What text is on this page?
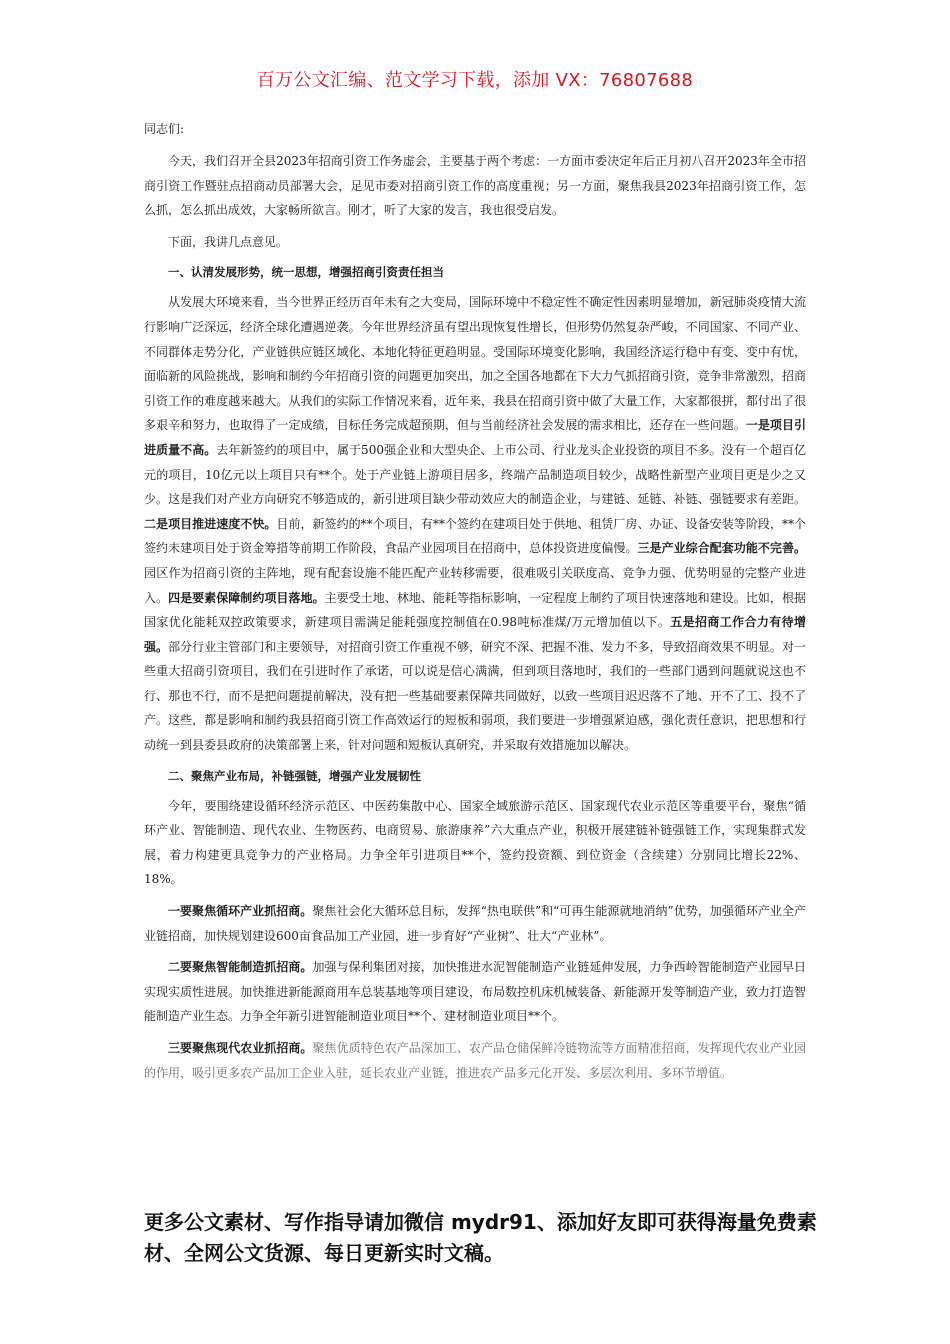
百万公文汇编、范文学习下载，添加 VX：76807688

同志们:

今天，我们召开全县2023年招商引资工作务虚会，主要基于两个考虑：一方面市委决定年后正月初八召开2023年全市招商引资工作暨驻点招商动员部署大会，足见市委对招商引资工作的高度重视；另一方面，聚焦我县2023年招商引资工作，怎么抓，怎么抓出成效，大家畅所欲言。刚才，听了大家的发言，我也很受启发。

下面，我讲几点意见。

一、认清发展形势，统一思想，增强招商引资责任担当

从发展大环境来看，当今世界正经历百年未有之大变局，国际环境中不稳定性不确定性因素明显增加，新冠肺炎疫情大流行影响广泛深远，经济全球化遭遇逆袭。今年世界经济虽有望出现恢复性增长，但形势仍然复杂严峻，不同国家、不同产业、不同群体走势分化，产业链供应链区域化、本地化特征更趋明显。受国际环境变化影响，我国经济运行稳中有变、变中有忧，面临新的风险挑战，影响和制约今年招商引资的问题更加突出，加之全国各地都在下大力气抓招商引资，竞争非常激烈，招商引资工作的难度越来越大。从我们的实际工作情况来看，近年来，我县在招商引资中做了大量工作，大家都很拼，都付出了很多艰辛和努力，也取得了一定成绩，目标任务完成超预期，但与当前经济社会发展的需求相比，还存在一些问题。一是项目引进质量不高。去年新签约的项目中，属于500强企业和大型央企、上市公司、行业龙头企业投资的项目不多。没有一个超百亿元的项目，10亿元以上项目只有**个。处于产业链上游项目居多，终端产品制造项目较少，战略性新型产业项目更是少之又少。这是我们对产业方向研究不够造成的，新引进项目缺少带动效应大的制造企业，与建链、延链、补链、强链要求有差距。二是项目推进速度不快。目前，新签约的**个项目，有**个签约在建项目处于供地、租赁厂房、办证、设备安装等阶段，**个签约未建项目处于资金筹措等前期工作阶段，食品产业园项目在招商中，总体投资进度偏慢。三是产业综合配套功能不完善。园区作为招商引资的主阵地，现有配套设施不能匹配产业转移需要，很难吸引关联度高、竞争力强、优势明显的完整产业进入。四是要素保障制约项目落地。主要受土地、林地、能耗等指标影响，一定程度上制约了项目快速落地和建设。比如，根据国家优化能耗双控政策要求，新建项目需满足能耗强度控制值在0.98吨标准煤/万元增加值以下。五是招商工作合力有待增强。部分行业主管部门和主要领导，对招商引资工作重视不够，研究不深、把握不准、发力不多，导致招商效果不明显。对一些重大招商引资项目，我们在引进时作了承诺，可以说是信心满满，但到项目落地时，我们的一些部门遇到问题就说这也不行、那也不行，而不是把问题提前解决，没有把一些基础要素保障共同做好，以致一些项目迟迟落不了地、开不了工、投不了产。这些，都是影响和制约我县招商引资工作高效运行的短板和弱项，我们要进一步增强紧迫感，强化责任意识，把思想和行动统一到县委县政府的决策部署上来，针对问题和短板认真研究，并采取有效措施加以解决。

二、聚焦产业布局，补链强链，增强产业发展韧性

今年，要围绕建设循环经济示范区、中医药集散中心、国家全域旅游示范区、国家现代农业示范区等重要平台，聚焦“循环产业、智能制造、现代农业、生物医药、电商贸易、旅游康养”六大重点产业，积极开展建链补链强链工作，实现集群式发展，着力构建更具竞争力的产业格局。力争全年引进项目**个，签约投资额、到位资金（含续建）分别同比增长22%、18%。

一要聚焦循环产业抓招商。聚焦社会化大循环总目标，发挥“热电联供”和“可再生能源就地消纳”优势，加强循环产业全产业链招商，加快规划建设600亩食品加工产业园，进一步育好“产业树”、壮大“产业林”。

二要聚焦智能制造抓招商。加强与保利集团对接，加快推进水泥智能制造产业链延伸发展，力争西岭智能制造产业园早日实现实质性进展。加快推进新能源商用车总装基地等项目建设，布局数控机床机械装备、新能源开发等制造产业，致力打造智能制造产业生态。力争全年新引进智能制造业项目**个、建材制造业项目**个。

三要聚焦现代农业抓招商。聚焦优质特色农产品深加工、农产品仓储保鲜冷链物流等方面精准招商，发挥现代农业产业园的作用，吸引更多农产品加工企业入驻，延长农业产业链，推进农产品多元化开发、多层次利用、多环节增值。

更多公文素材、写作指导请加微信 mydr91、添加好友即可获得海量免费素材、全网公文货源、每日更新实时文稿。
